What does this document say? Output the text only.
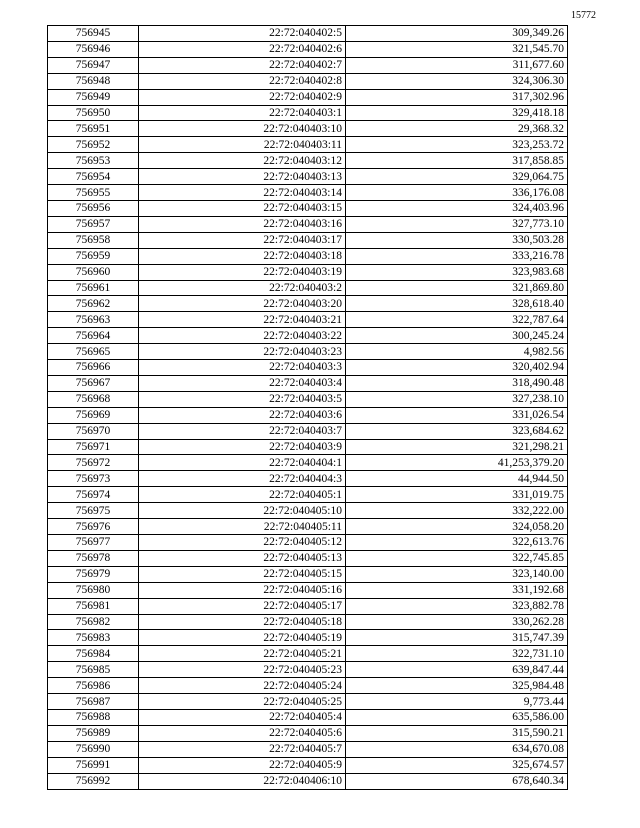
15772
756945	22:72:040402:5	309,349.26
756946	22:72:040402:6	321,545.70
756947	22:72:040402:7	311,677.60
756948	22:72:040402:8	324,306.30
756949	22:72:040402:9	317,302.96
756950	22:72:040403:1	329,418.18
756951	22:72:040403:10	29,368.32
756952	22:72:040403:11	323,253.72
756953	22:72:040403:12	317,858.85
756954	22:72:040403:13	329,064.75
756955	22:72:040403:14	336,176.08
756956	22:72:040403:15	324,403.96
756957	22:72:040403:16	327,773.10
756958	22:72:040403:17	330,503.28
756959	22:72:040403:18	333,216.78
756960	22:72:040403:19	323,983.68
756961	22:72:040403:2	321,869.80
756962	22:72:040403:20	328,618.40
756963	22:72:040403:21	322,787.64
756964	22:72:040403:22	300,245.24
756965	22:72:040403:23	4,982.56
756966	22:72:040403:3	320,402.94
756967	22:72:040403:4	318,490.48
756968	22:72:040403:5	327,238.10
756969	22:72:040403:6	331,026.54
756970	22:72:040403:7	323,684.62
756971	22:72:040403:9	321,298.21
756972	22:72:040404:1	41,253,379.20
756973	22:72:040404:3	44,944.50
756974	22:72:040405:1	331,019.75
756975	22:72:040405:10	332,222.00
756976	22:72:040405:11	324,058.20
756977	22:72:040405:12	322,613.76
756978	22:72:040405:13	322,745.85
756979	22:72:040405:15	323,140.00
756980	22:72:040405:16	331,192.68
756981	22:72:040405:17	323,882.78
756982	22:72:040405:18	330,262.28
756983	22:72:040405:19	315,747.39
756984	22:72:040405:21	322,731.10
756985	22:72:040405:23	639,847.44
756986	22:72:040405:24	325,984.48
756987	22:72:040405:25	9,773.44
756988	22:72:040405:4	635,586.00
756989	22:72:040405:6	315,590.21
756990	22:72:040405:7	634,670.08
756991	22:72:040405:9	325,674.57
756992	22:72:040406:10	678,640.34
